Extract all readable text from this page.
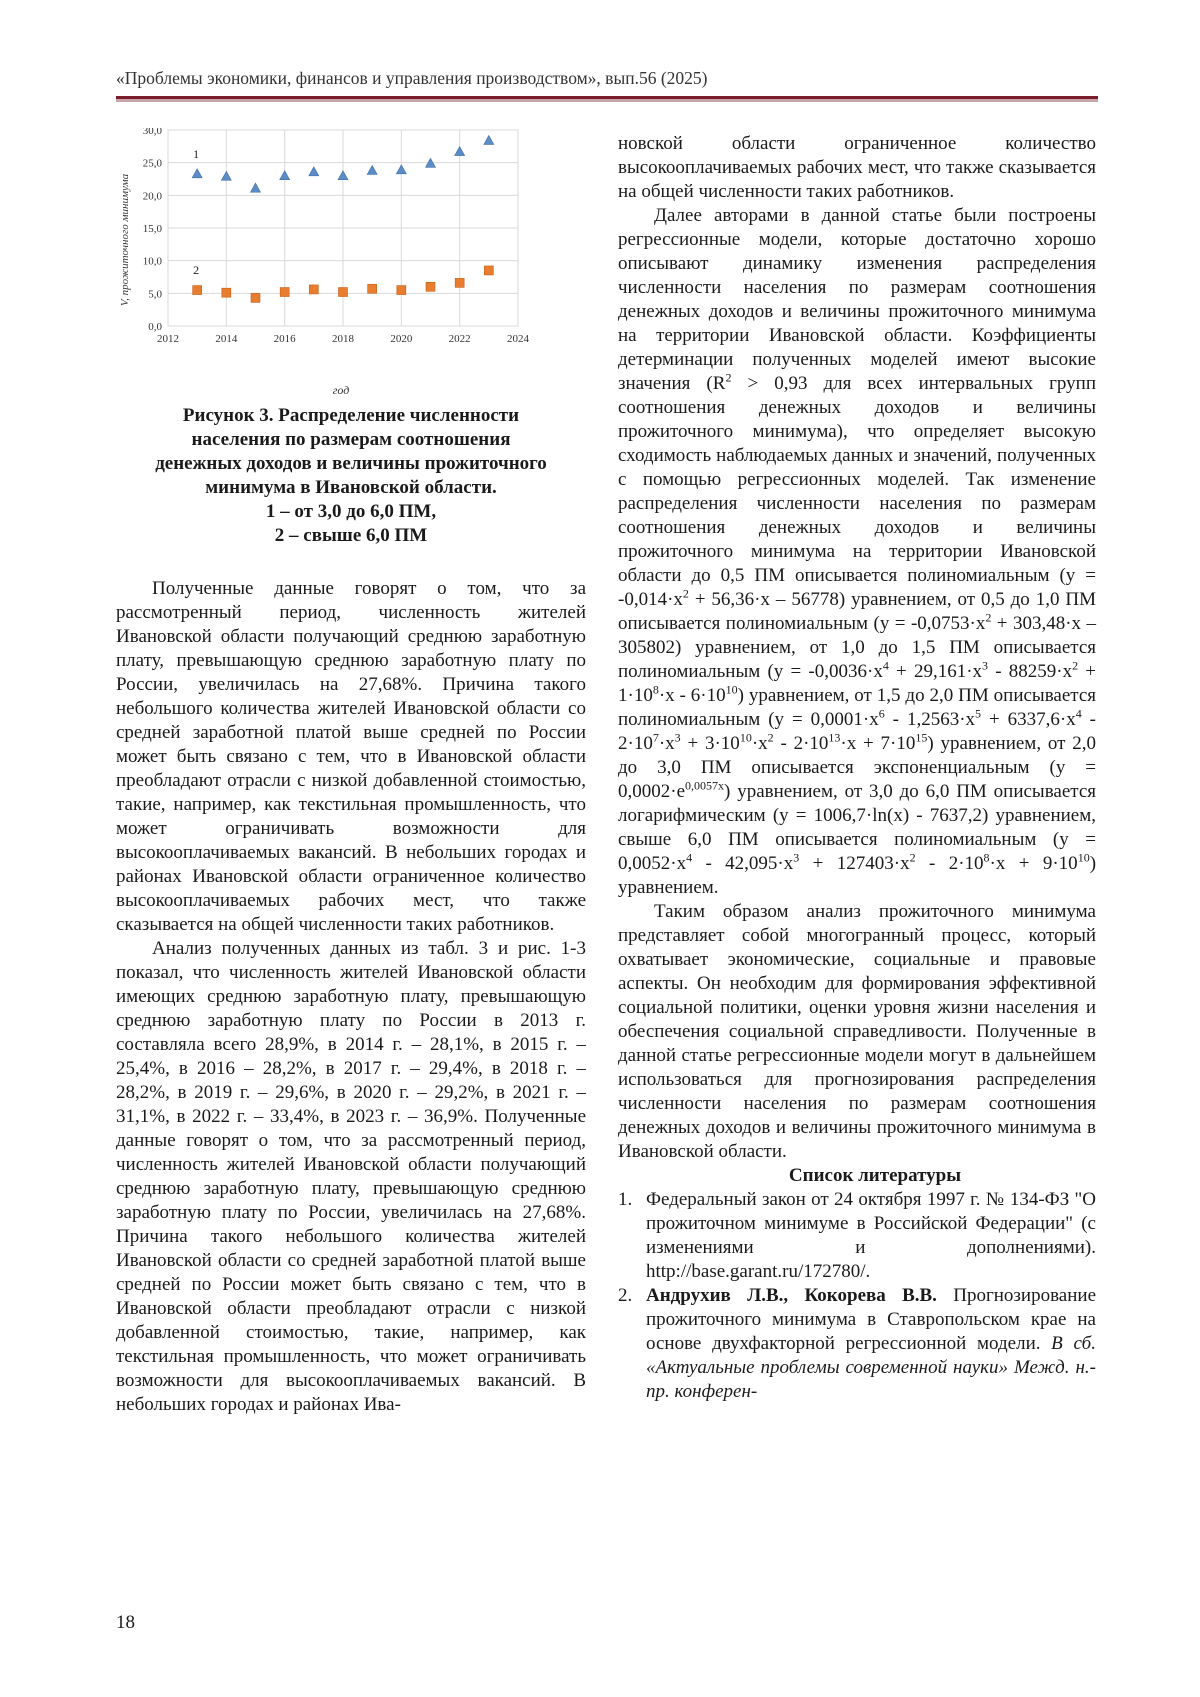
«Проблемы экономики, финансов и управления производством», вып.56 (2025)
0,0
5,0
10,0
15,0
20,0
25,0
30,0
2012	2014	2016	2018	2020	2022	2024
1
2
V, прожиточного минимума
год
Рисунок 3. Распределение численности
населения по размерам соотношения
денежных доходов и величины прожиточного
минимума в Ивановской области.
1 – от 3,0 до 6,0 ПМ,
2 – свыше 6,0 ПМ

Полученные данные говорят о том, что за рассмотренный период, численность жителей Ивановской области получающий среднюю заработную плату, превышающую среднюю заработную плату по России, увеличилась на 27,68%. Причина такого небольшого количества жителей Ивановской области со средней заработной платой выше средней по России может быть связано с тем, что в Ивановской области преобладают отрасли с низкой добавленной стоимостью, такие, например, как текстильная промышленность, что может ограничивать возможности для высокооплачиваемых вакансий. В небольших городах и районах Ивановской области ограниченное количество высокооплачиваемых рабочих мест, что также сказывается на общей численности таких работников.

Анализ полученных данных из табл. 3 и рис. 1-3 показал, что численность жителей Ивановской области имеющих среднюю заработную плату, превышающую среднюю заработную плату по России в 2013 г. составляла всего 28,9%, в 2014 г. – 28,1%, в 2015 г. – 25,4%, в 2016 – 28,2%, в 2017 г. – 29,4%, в 2018 г. – 28,2%, в 2019 г. – 29,6%, в 2020 г. – 29,2%, в 2021 г. – 31,1%, в 2022 г. – 33,4%, в 2023 г. – 36,9%. Полученные данные говорят о том, что за рассмотренный период, численность жителей Ивановской области получающий среднюю заработную плату, превышающую среднюю заработную плату по России, увеличилась на 27,68%. Причина такого небольшого количества жителей Ивановской области со средней заработной платой выше средней по России может быть связано с тем, что в Ивановской области преобладают отрасли с низкой добавленной стоимостью, такие, например, как текстильная промышленность, что может ограничивать возможности для высокооплачиваемых вакансий. В небольших городах и районах Ива-

новской области ограниченное количество высокооплачиваемых рабочих мест, что также сказывается на общей численности таких работников.

Далее авторами в данной статье были построены регрессионные модели, которые достаточно хорошо описывают динамику изменения распределения численности населения по размерам соотношения денежных доходов и величины прожиточного минимума на территории Ивановской области. Коэффициенты детерминации полученных моделей имеют высокие значения ($R^2 > 0,93$ для всех интервальных групп соотношения денежных доходов и величины прожиточного минимума), что определяет высокую сходимость наблюдаемых данных и значений, полученных с помощью регрессионных моделей. Так изменение распределения численности населения по размерам соотношения денежных доходов и величины прожиточного минимума на территории Ивановской области до 0,5 ПМ описывается полиномиальным $(y = -0,014\cdot x^2 + 56,36\cdot x - 56778)$ уравнением, от 0,5 до 1,0 ПМ описывается полиномиальным $(y = -0,0753\cdot x^2 + 303,48\cdot x - 305802)$ уравнением, от 1,0 до 1,5 ПМ описывается полиномиальным $(y = -0,0036\cdot x^4 + 29,161\cdot x^3 - 88259\cdot x^2 + 1\cdot 10^8\cdot x - 6\cdot 10^{10})$ уравнением, от 1,5 до 2,0 ПМ описывается полиномиальным $(y = 0,0001\cdot x^6 - 1,2563\cdot x^5 + 6337,6\cdot x^4 - 2\cdot 10^7\cdot x^3 + 3\cdot 10^{10}\cdot x^2 - 2\cdot 10^{13}\cdot x + 7\cdot 10^{15})$ уравнением, от 2,0 до 3,0 ПМ описывается экспоненциальным $(y = 0,0002\cdot e^{0,0057x})$ уравнением, от 3,0 до 6,0 ПМ описывается логарифмическим (y = 1006,7·ln(x) - 7637,2) уравнением, свыше 6,0 ПМ описывается полиномиальным $(y = 0,0052\cdot x^4 - 42,095\cdot x^3 + 127403\cdot x^2 - 2\cdot 10^8\cdot x + 9\cdot 10^{10})$ уравнением.

Таким образом анализ прожиточного минимума представляет собой многогранный процесс, который охватывает экономические, социальные и правовые аспекты. Он необходим для формирования эффективной социальной политики, оценки уровня жизни населения и обеспечения социальной справедливости. Полученные в данной статье регрессионные модели могут в дальнейшем использоваться для прогнозирования распределения численности населения по размерам соотношения денежных доходов и величины прожиточного минимума в Ивановской области.

Список литературы

1. Федеральный закон от 24 октября 1997 г. № 134-ФЗ "О прожиточном минимуме в Российской Федерации" (с изменениями и дополнениями). http://base.garant.ru/172780/.
2. Андрухив Л.В., Кокорева В.В. Прогнозирование прожиточного минимума в Ставропольском крае на основе двухфакторной регрессионной модели. В сб. «Актуальные проблемы современной науки» Межд. н.-пр. конферен-
18
